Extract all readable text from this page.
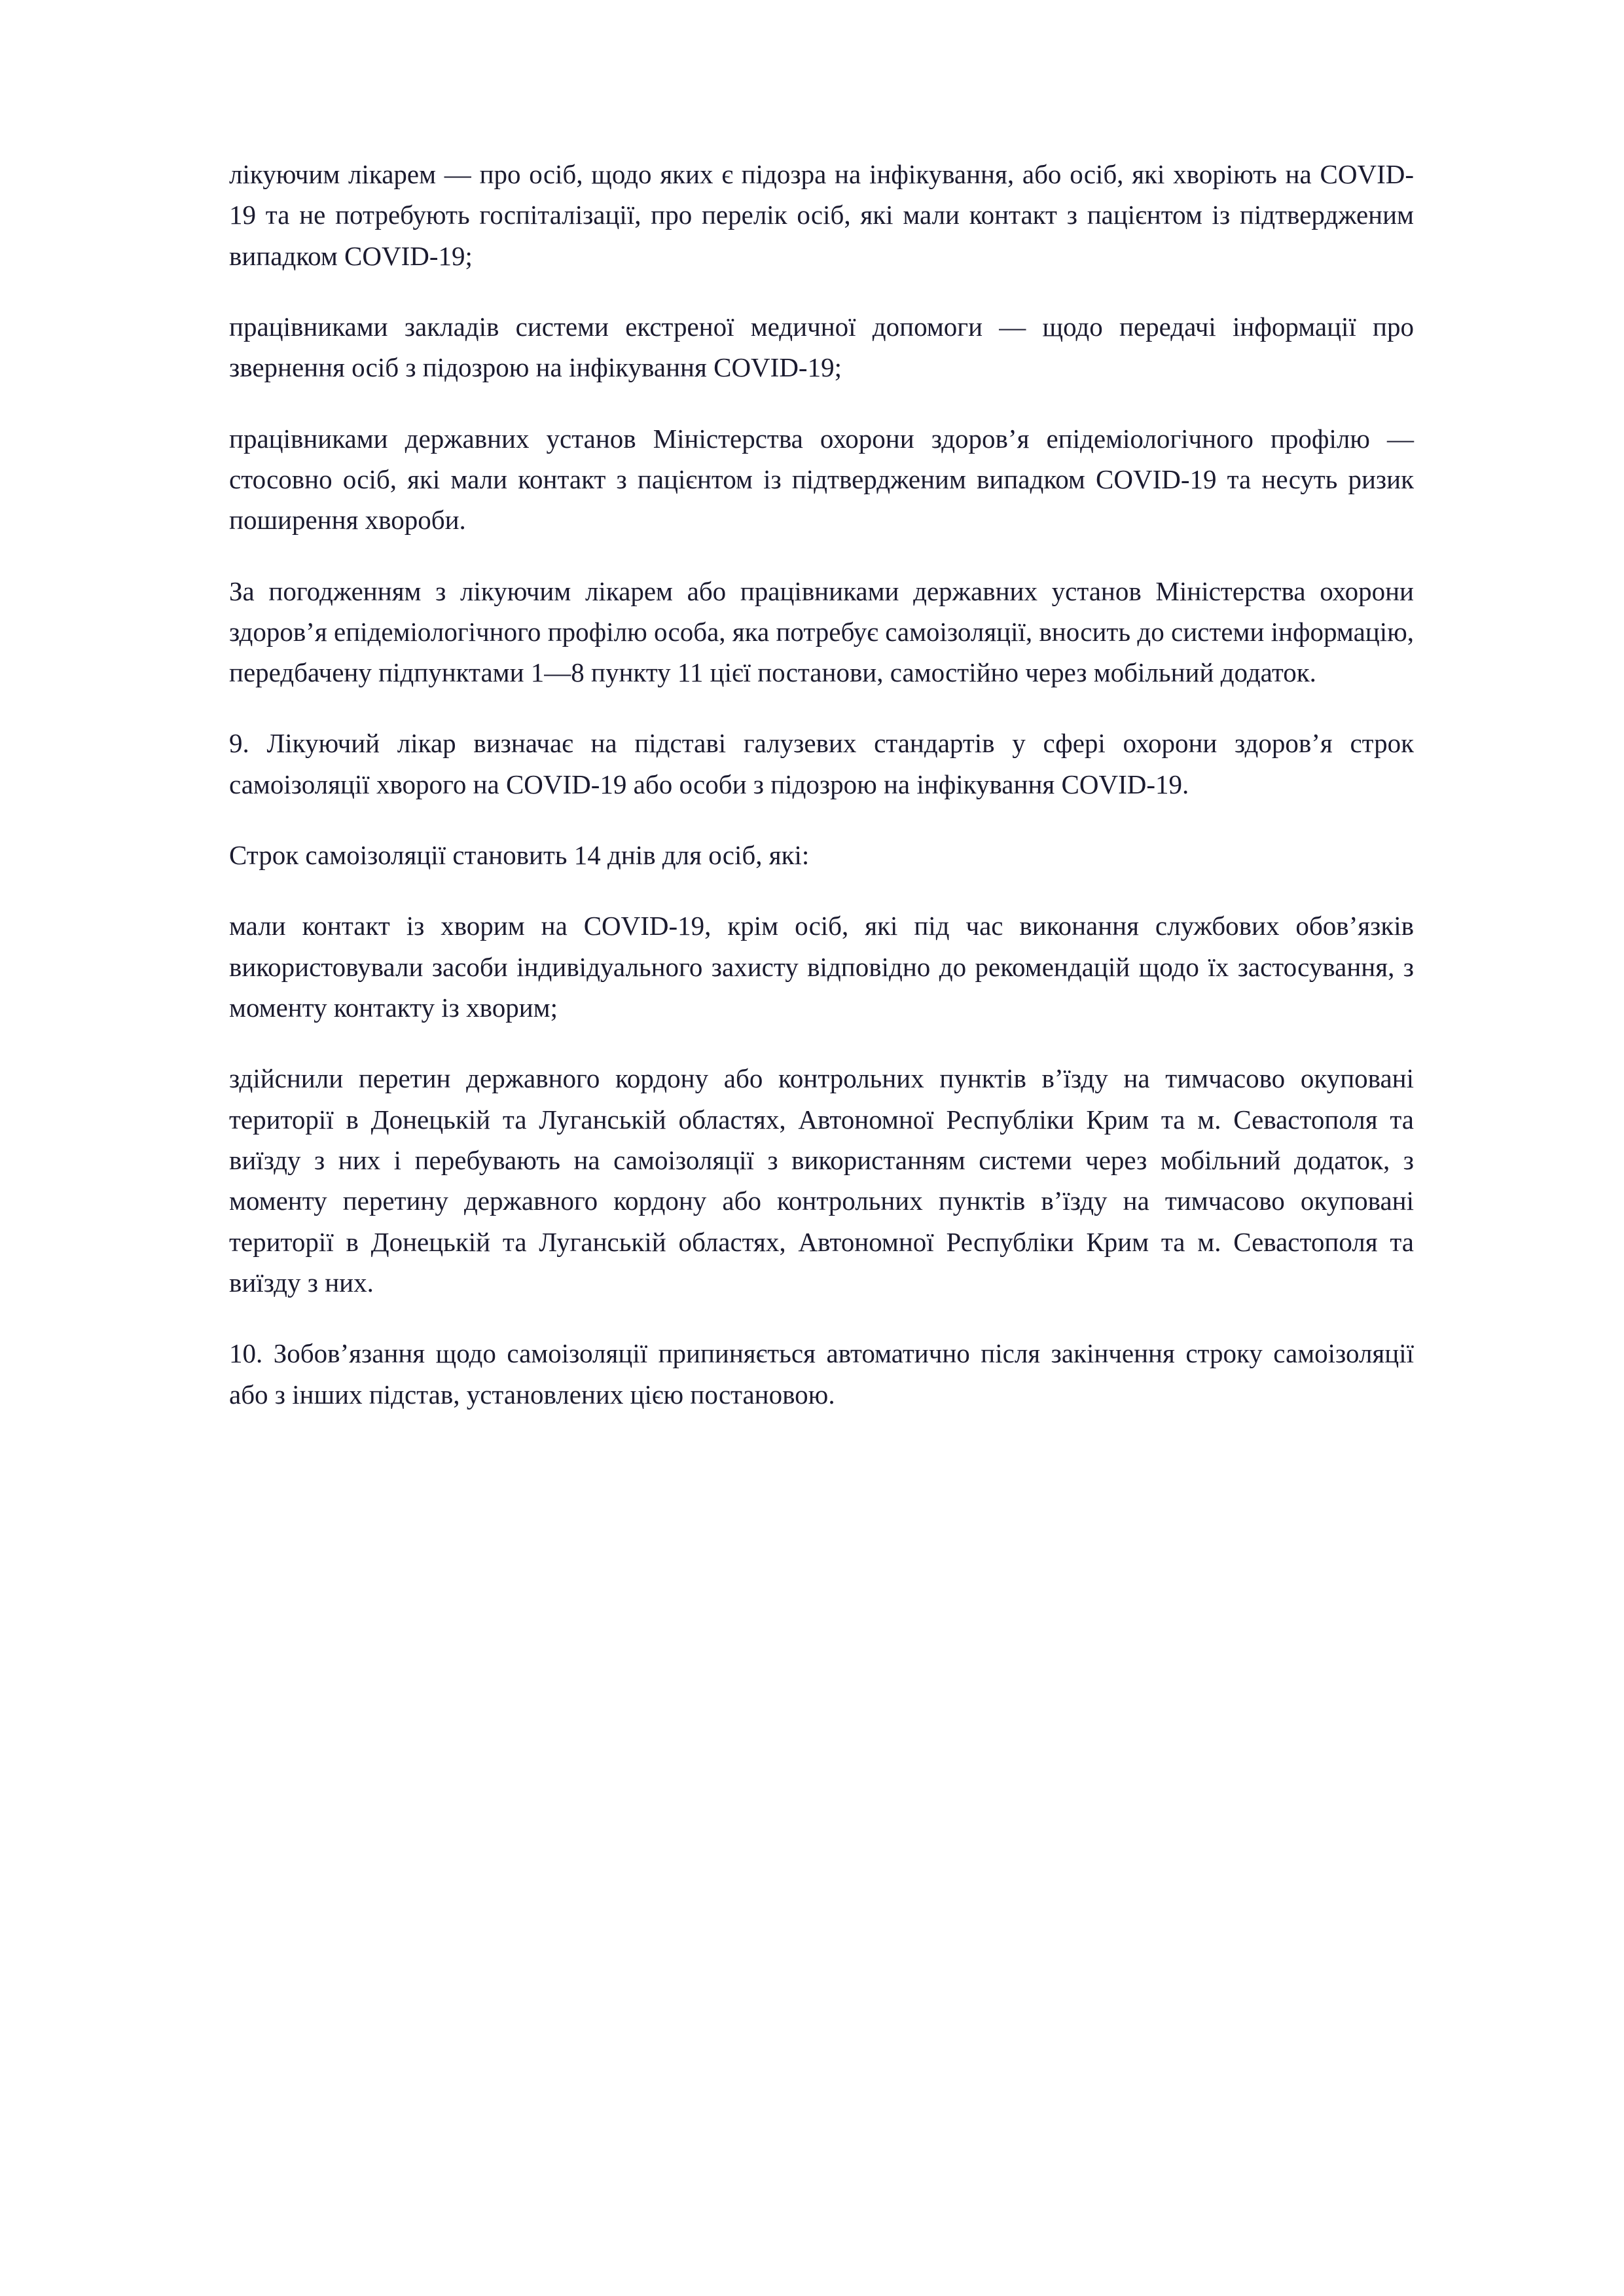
лікуючим лікарем — про осіб, щодо яких є підозра на інфікування, або осіб, які хворіють на COVID-19 та не потребують госпіталізації, про перелік осіб, які мали контакт з пацієнтом із підтвердженим випадком COVID-19;

працівниками закладів системи екстреної медичної допомоги — щодо передачі інформації про звернення осіб з підозрою на інфікування COVID-19;

працівниками державних установ Міністерства охорони здоров’я епідеміологічного профілю — стосовно осіб, які мали контакт з пацієнтом із підтвердженим випадком COVID-19 та несуть ризик поширення хвороби.

За погодженням з лікуючим лікарем або працівниками державних установ Міністерства охорони здоров’я епідеміологічного профілю особа, яка потребує самоізоляції, вносить до системи інформацію, передбачену підпунктами 1—8 пункту 11 цієї постанови, самостійно через мобільний додаток.

9. Лікуючий лікар визначає на підставі галузевих стандартів у сфері охорони здоров’я строк самоізоляції хворого на COVID-19 або особи з підозрою на інфікування COVID-19.

Строк самоізоляції становить 14 днів для осіб, які:

мали контакт із хворим на COVID-19, крім осіб, які під час виконання службових обов’язків використовували засоби індивідуального захисту відповідно до рекомендацій щодо їх застосування, з моменту контакту із хворим;

здійснили перетин державного кордону або контрольних пунктів в’їзду на тимчасово окуповані території в Донецькій та Луганській областях, Автономної Республіки Крим та м. Севастополя та виїзду з них і перебувають на самоізоляції з використанням системи через мобільний додаток, з моменту перетину державного кордону або контрольних пунктів в’їзду на тимчасово окуповані території в Донецькій та Луганській областях, Автономної Республіки Крим та м. Севастополя та виїзду з них.

10. Зобов’язання щодо самоізоляції припиняється автоматично після закінчення строку самоізоляції або з інших підстав, установлених цією постановою.
